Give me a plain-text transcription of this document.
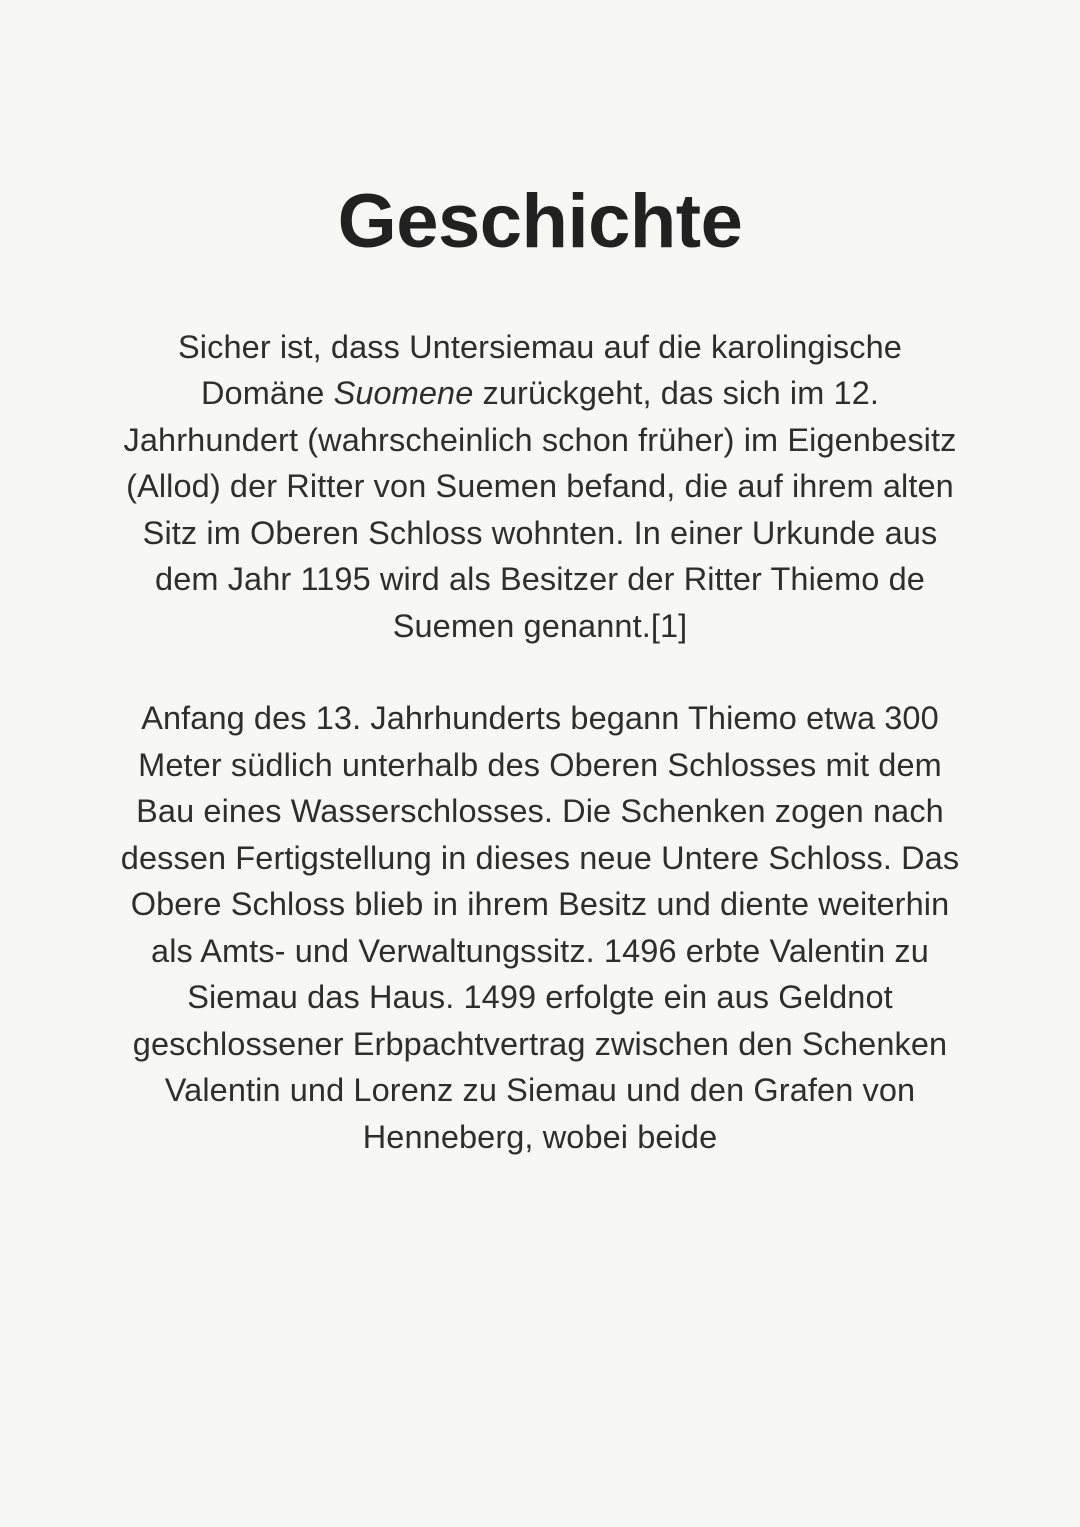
Geschichte

Sicher ist, dass Untersiemau auf die karolingische Domäne Suomene zurückgeht, das sich im 12. Jahrhundert (wahrscheinlich schon früher) im Eigenbesitz (Allod) der Ritter von Suemen befand, die auf ihrem alten Sitz im Oberen Schloss wohnten. In einer Urkunde aus dem Jahr 1195 wird als Besitzer der Ritter Thiemo de Suemen genannt.[1]

Anfang des 13. Jahrhunderts begann Thiemo etwa 300 Meter südlich unterhalb des Oberen Schlosses mit dem Bau eines Wasserschlosses. Die Schenken zogen nach dessen Fertigstellung in dieses neue Untere Schloss. Das Obere Schloss blieb in ihrem Besitz und diente weiterhin als Amts- und Verwaltungssitz. 1496 erbte Valentin zu Siemau das Haus. 1499 erfolgte ein aus Geldnot geschlossener Erbpachtvertrag zwischen den Schenken Valentin und Lorenz zu Siemau und den Grafen von Henneberg, wobei beide
